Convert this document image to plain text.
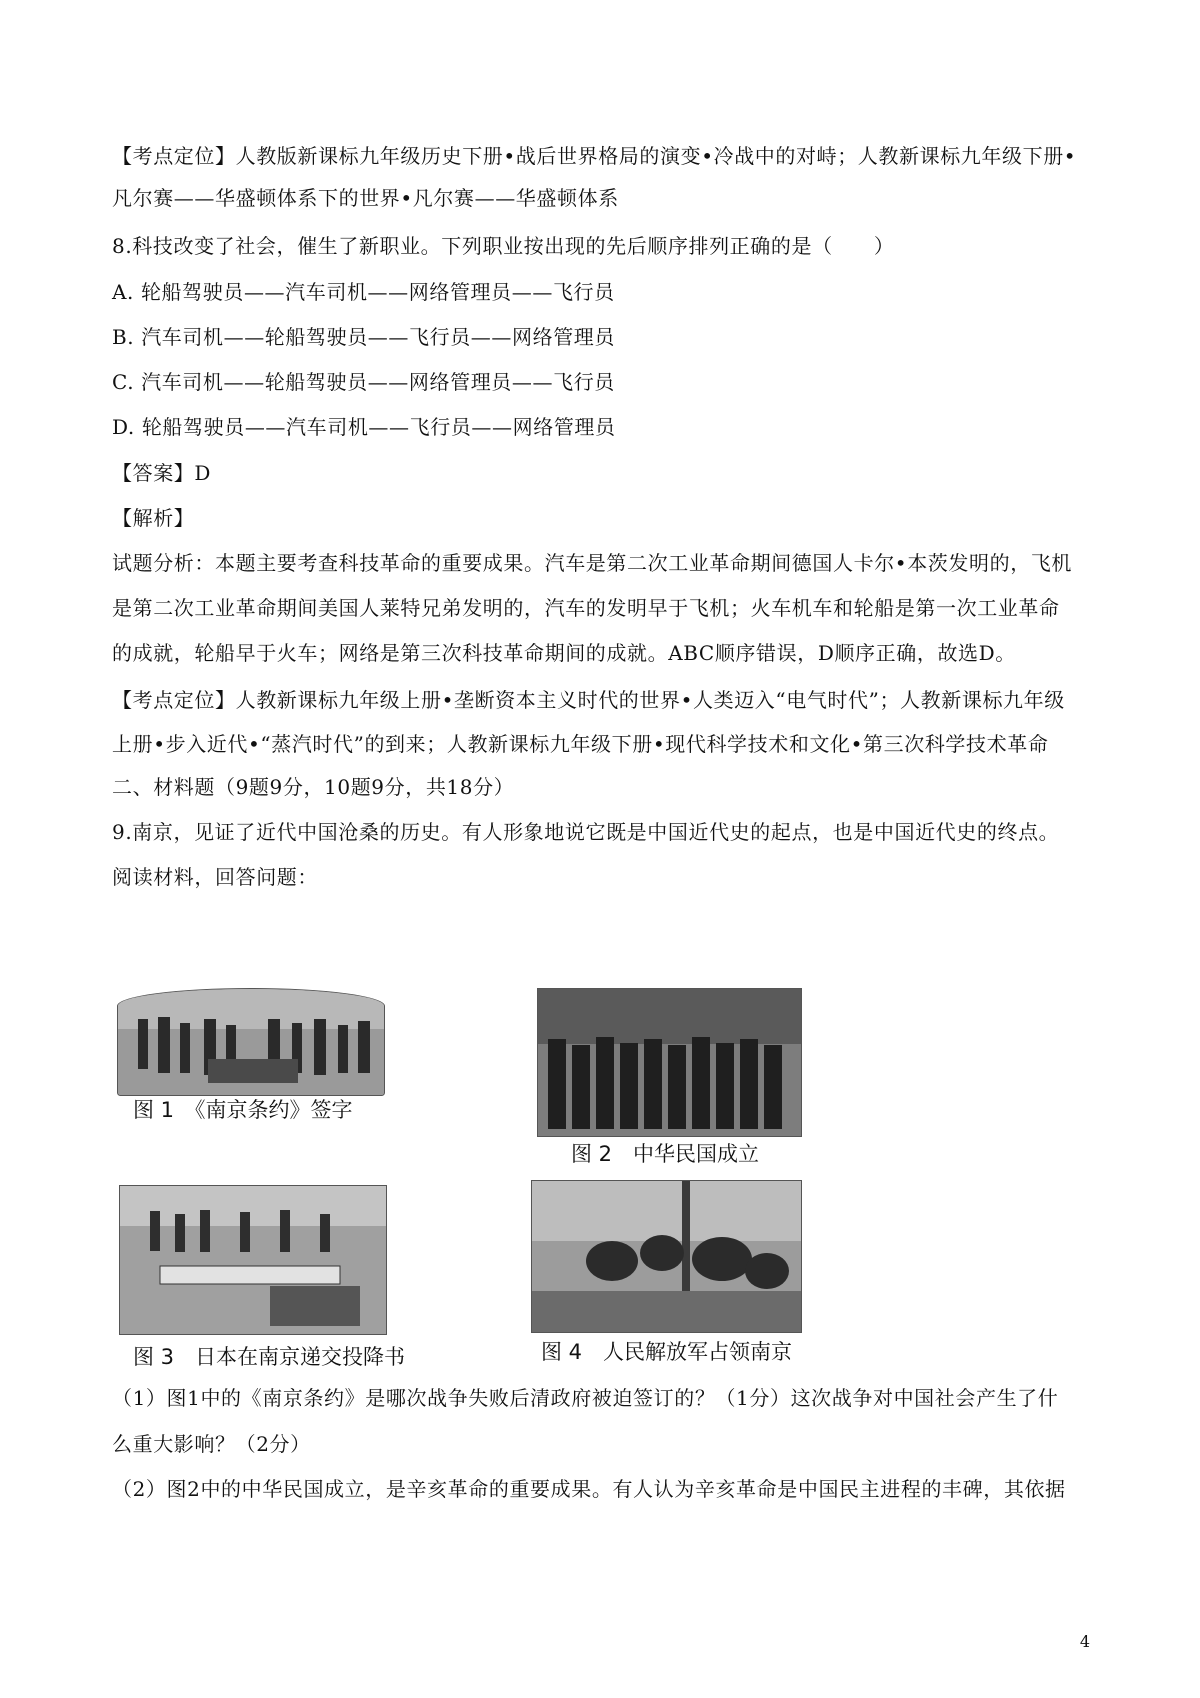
【考点定位】人教版新课标九年级历史下册•战后世界格局的演变•冷战中的对峙；人教新课标九年级下册•
凡尔赛——华盛顿体系下的世界•凡尔赛——华盛顿体系
8.科技改变了社会，催生了新职业。下列职业按出现的先后顺序排列正确的是（　　）
A. 轮船驾驶员——汽车司机——网络管理员——飞行员
B. 汽车司机——轮船驾驶员——飞行员——网络管理员
C. 汽车司机——轮船驾驶员——网络管理员——飞行员
D. 轮船驾驶员——汽车司机——飞行员——网络管理员
【答案】D
【解析】
试题分析：本题主要考查科技革命的重要成果。汽车是第二次工业革命期间德国人卡尔•本茨发明的，飞机
是第二次工业革命期间美国人莱特兄弟发明的，汽车的发明早于飞机；火车机车和轮船是第一次工业革命
的成就，轮船早于火车；网络是第三次科技革命期间的成就。ABC顺序错误，D顺序正确，故选D。
【考点定位】人教新课标九年级上册•垄断资本主义时代的世界•人类迈入“电气时代”；人教新课标九年级
上册•步入近代•“蒸汽时代”的到来；人教新课标九年级下册•现代科学技术和文化•第三次科学技术革命
二、材料题（9题9分，10题9分，共18分）
9.南京，见证了近代中国沧桑的历史。有人形象地说它既是中国近代史的起点，也是中国近代史的终点。
阅读材料，回答问题：
图 1　《南京条约》签字
图 2　中华民国成立
图 3　日本在南京递交投降书	图 4　人民解放军占领南京
（1）图1中的《南京条约》是哪次战争失败后清政府被迫签订的？（1分）这次战争对中国社会产生了什
么重大影响？（2分）
（2）图2中的中华民国成立，是辛亥革命的重要成果。有人认为辛亥革命是中国民主进程的丰碑，其依据
4
